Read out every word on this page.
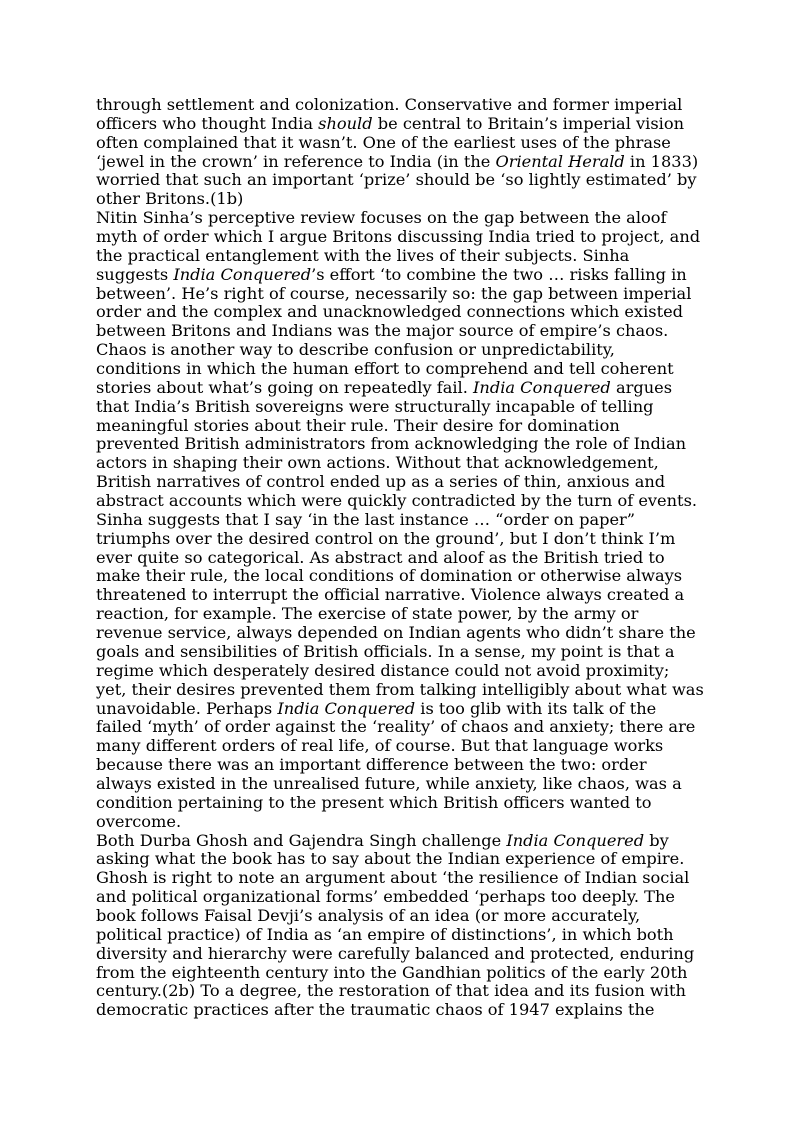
through settlement and colonization. Conservative and former imperial
officers who thought India should be central to Britain’s imperial vision
often complained that it wasn’t. One of the earliest uses of the phrase
‘jewel in the crown’ in reference to India (in the Oriental Herald in 1833)
worried that such an important ‘prize’ should be ‘so lightly estimated’ by
other Britons.(1b)
Nitin Sinha’s perceptive review focuses on the gap between the aloof
myth of order which I argue Britons discussing India tried to project, and
the practical entanglement with the lives of their subjects. Sinha
suggests India Conquered’s effort ‘to combine the two … risks falling in
between’. He’s right of course, necessarily so: the gap between imperial
order and the complex and unacknowledged connections which existed
between Britons and Indians was the major source of empire’s chaos.
Chaos is another way to describe confusion or unpredictability,
conditions in which the human effort to comprehend and tell coherent
stories about what’s going on repeatedly fail. India Conquered argues
that India’s British sovereigns were structurally incapable of telling
meaningful stories about their rule. Their desire for domination
prevented British administrators from acknowledging the role of Indian
actors in shaping their own actions. Without that acknowledgement,
British narratives of control ended up as a series of thin, anxious and
abstract accounts which were quickly contradicted by the turn of events.
Sinha suggests that I say ‘in the last instance … “order on paper”
triumphs over the desired control on the ground’, but I don’t think I’m
ever quite so categorical. As abstract and aloof as the British tried to
make their rule, the local conditions of domination or otherwise always
threatened to interrupt the official narrative. Violence always created a
reaction, for example. The exercise of state power, by the army or
revenue service, always depended on Indian agents who didn’t share the
goals and sensibilities of British officials. In a sense, my point is that a
regime which desperately desired distance could not avoid proximity;
yet, their desires prevented them from talking intelligibly about what was
unavoidable. Perhaps India Conquered is too glib with its talk of the
failed ‘myth’ of order against the ‘reality’ of chaos and anxiety; there are
many different orders of real life, of course. But that language works
because there was an important difference between the two: order
always existed in the unrealised future, while anxiety, like chaos, was a
condition pertaining to the present which British officers wanted to
overcome.
Both Durba Ghosh and Gajendra Singh challenge India Conquered by
asking what the book has to say about the Indian experience of empire.
Ghosh is right to note an argument about ‘the resilience of Indian social
and political organizational forms’ embedded ‘perhaps too deeply. The
book follows Faisal Devji’s analysis of an idea (or more accurately,
political practice) of India as ‘an empire of distinctions’, in which both
diversity and hierarchy were carefully balanced and protected, enduring
from the eighteenth century into the Gandhian politics of the early 20th
century.(2b) To a degree, the restoration of that idea and its fusion with
democratic practices after the traumatic chaos of 1947 explains the
